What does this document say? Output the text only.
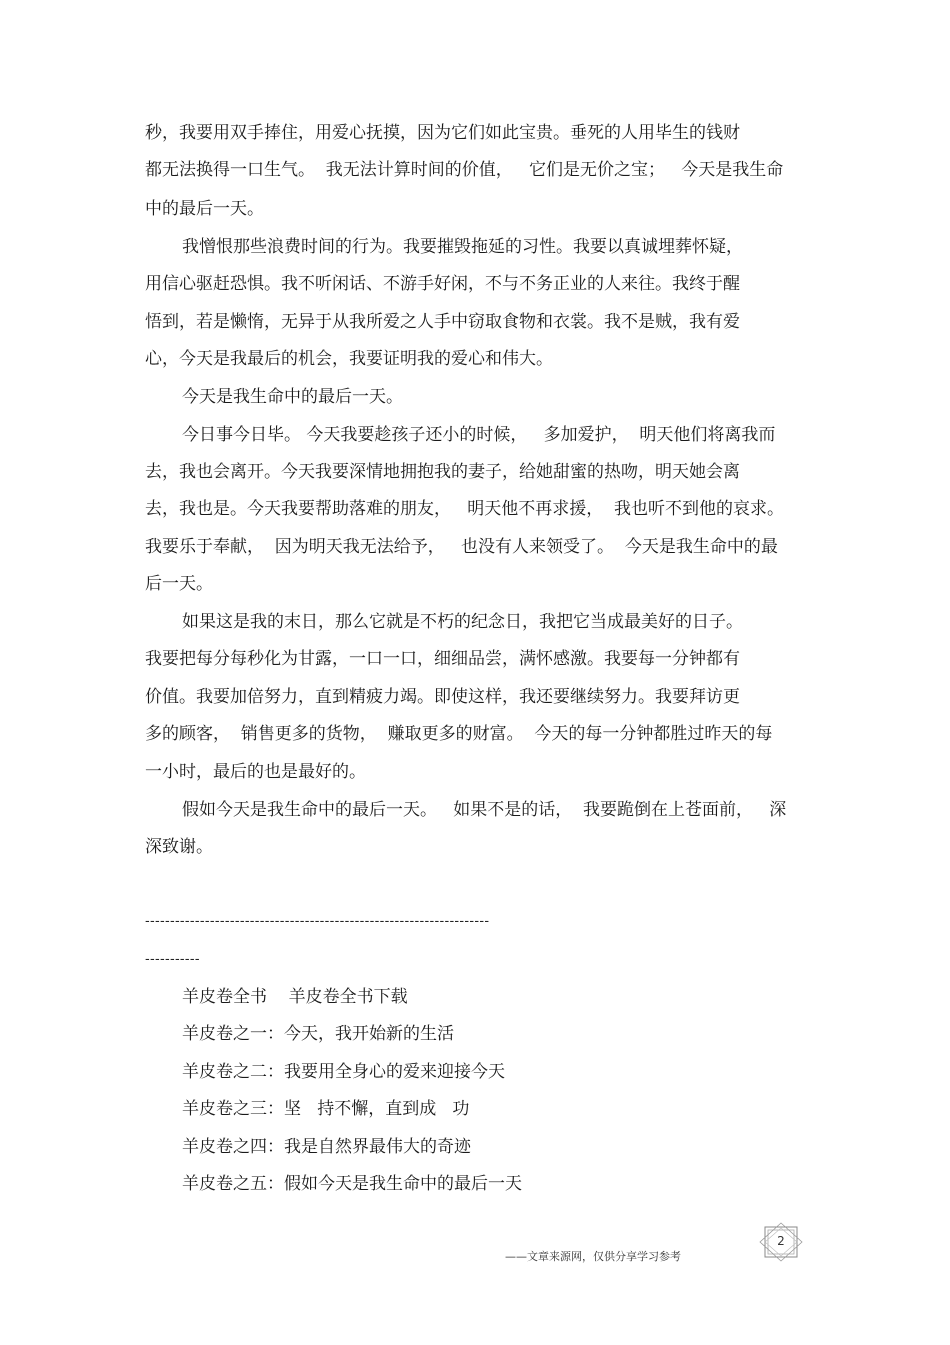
秒，我要用双手捧住，用爱心抚摸，因为它们如此宝贵。垂死的人用毕生的钱财

都无法换得一口生气。  我无法计算时间的价值，   它们是无价之宝；   今天是我生命

中的最后一天。

我憎恨那些浪费时间的行为。我要摧毁拖延的习性。我要以真诚埋葬怀疑，

用信心驱赶恐惧。我不听闲话、不游手好闲，不与不务正业的人来往。我终于醒

悟到，若是懒惰，无异于从我所爱之人手中窃取食物和衣裳。我不是贼，我有爱

心，今天是我最后的机会，我要证明我的爱心和伟大。

今天是我生命中的最后一天。

今日事今日毕。 今天我要趁孩子还小的时候，   多加爱护，  明天他们将离我而

去，我也会离开。今天我要深情地拥抱我的妻子，给她甜蜜的热吻，明天她会离

去，我也是。今天我要帮助落难的朋友，   明天他不再求援，  我也听不到他的哀求。

我要乐于奉献，  因为明天我无法给予，   也没有人来领受了。  今天是我生命中的最

后一天。

如果这是我的末日，那么它就是不朽的纪念日，我把它当成最美好的日子。

我要把每分每秒化为甘露，一口一口，细细品尝，满怀感激。我要每一分钟都有

价值。我要加倍努力，直到精疲力竭。即使这样，我还要继续努力。我要拜访更

多的顾客，  销售更多的货物，  赚取更多的财富。  今天的每一分钟都胜过昨天的每

一小时，最后的也是最好的。

假如今天是我生命中的最后一天。   如果不是的话，  我要跪倒在上苍面前，   深

深致谢。

---------------------------------------------------------------------
-----------
羊皮卷全书    羊皮卷全书下载
羊皮卷之一：今天，我开始新的生活
羊皮卷之二：我要用全身心的爱来迎接今天
羊皮卷之三：坚   持不懈，直到成   功
羊皮卷之四：我是自然界最伟大的奇迹
羊皮卷之五：假如今天是我生命中的最后一天
——文章来源网，仅供分享学习参考
2
